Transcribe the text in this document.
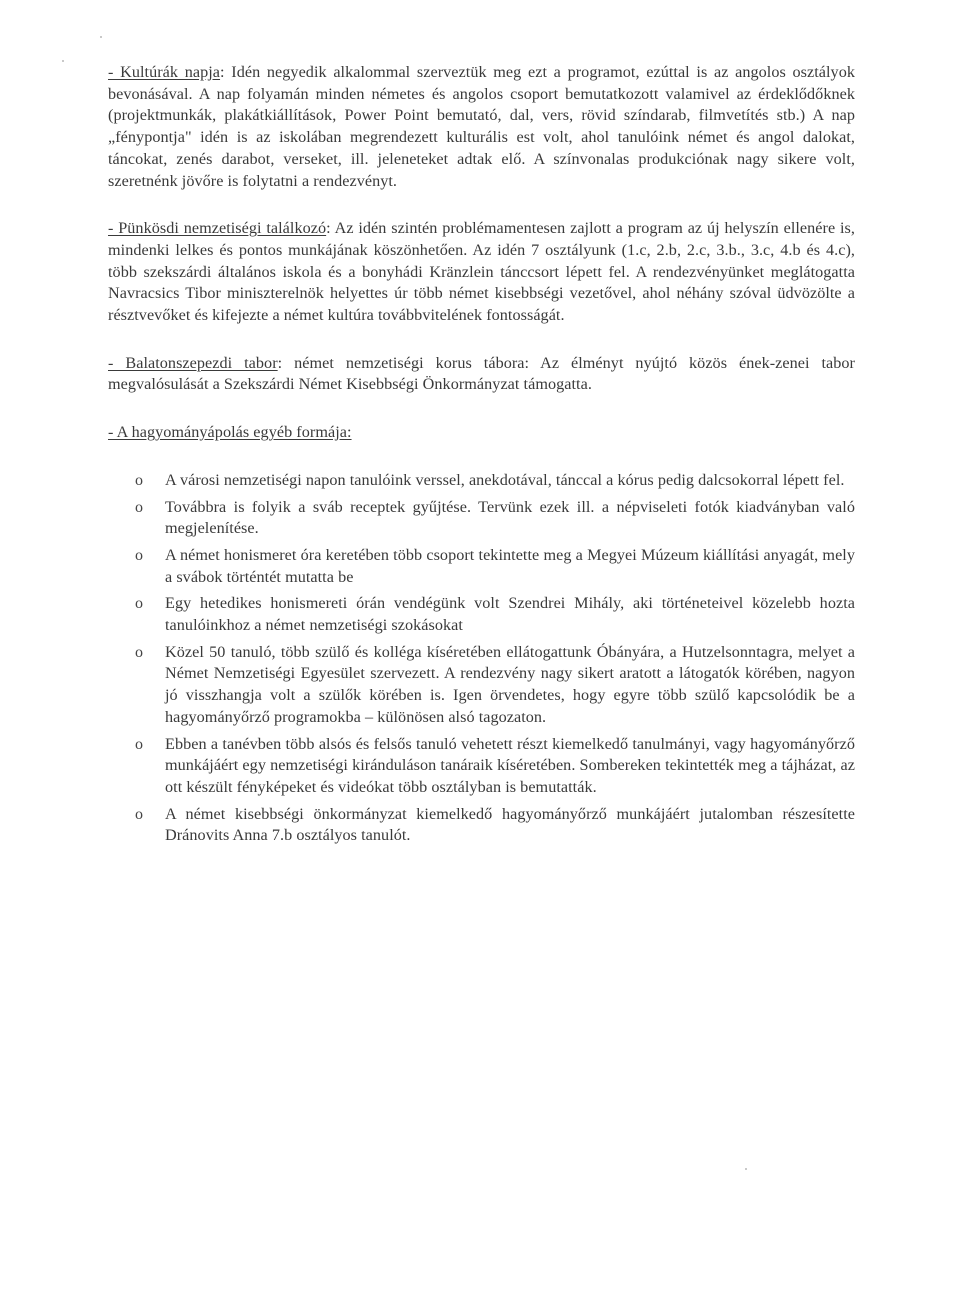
- Kultúrák napja: Idén negyedik alkalommal szerveztük meg ezt a programot, ezúttal is az angolos osztályok bevonásával. A nap folyamán minden németes és angolos csoport bemutatkozott valamivel az érdeklődőknek (projektmunkák, plakátkiállítások, Power Point bemutató, dal, vers, rövid színdarab, filmvetítés stb.) A nap „fénypontja" idén is az iskolában megrendezett kulturális est volt, ahol tanulóink német és angol dalokat, táncokat, zenés darabot, verseket, ill. jeleneteket adtak elő. A színvonalas produkciónak nagy sikere volt, szeretnénk jövőre is folytatni a rendezvényt.

- Pünkösdi nemzetiségi találkozó: Az idén szintén problémamentesen zajlott a program az új helyszín ellenére is, mindenki lelkes és pontos munkájának köszönhetően. Az idén 7 osztályunk (1.c, 2.b, 2.c, 3.b., 3.c, 4.b és 4.c), több szekszárdi általános iskola és a bonyhádi Kränzlein tánccsort lépett fel. A rendezvényünket meglátogatta Navracsics Tibor miniszterelnök helyettes úr több német kisebbségi vezetővel, ahol néhány szóval üdvözölte a résztvevőket és kifejezte a német kultúra továbbvitelének fontosságát.

- Balatonszepezdi tabor: német nemzetiségi korus tábora: Az élményt nyújtó közös ének-zenei tabor megvalósulását a Szekszárdi Német Kisebbségi Önkormányzat támogatta.

- A hagyományápolás egyéb formája:

o A városi nemzetiségi napon tanulóink verssel, anekdotával, tánccal a kórus pedig dalcsokorral lépett fel.

o Továbbra is folyik a sváb receptek gyűjtése. Tervünk ezek ill. a népviseleti fotók kiadványban való megjelenítése.

o A német honismeret óra keretében több csoport tekintette meg a Megyei Múzeum kiállítási anyagát, mely a svábok történtét mutatta be

o Egy hetedikes honismereti órán vendégünk volt Szendrei Mihály, aki történeteivel közelebb hozta tanulóinkhoz a német nemzetiségi szokásokat

o Közel 50 tanuló, több szülő és kolléga kíséretében ellátogattunk Óbányára, a Hutzelsonntagra, melyet a Német Nemzetiségi Egyesület szervezett. A rendezvény nagy sikert aratott a látogatók körében, nagyon jó visszhangja volt a szülők körében is. Igen örvendetes, hogy egyre több szülő kapcsolódik be a hagyományőrző programokba – különösen alsó tagozaton.

o Ebben a tanévben több alsós és felsős tanuló vehetett részt kiemelkedő tanulmányi, vagy hagyományőrző munkájáért egy nemzetiségi kiránduláson tanáraik kíséretében. Sombereken tekintették meg a tájházat, az ott készült fényképeket és videókat több osztályban is bemutatták.

o A német kisebbségi önkormányzat kiemelkedő hagyományőrző munkájáért jutalomban részesítette Dránovits Anna 7.b osztályos tanulót.
